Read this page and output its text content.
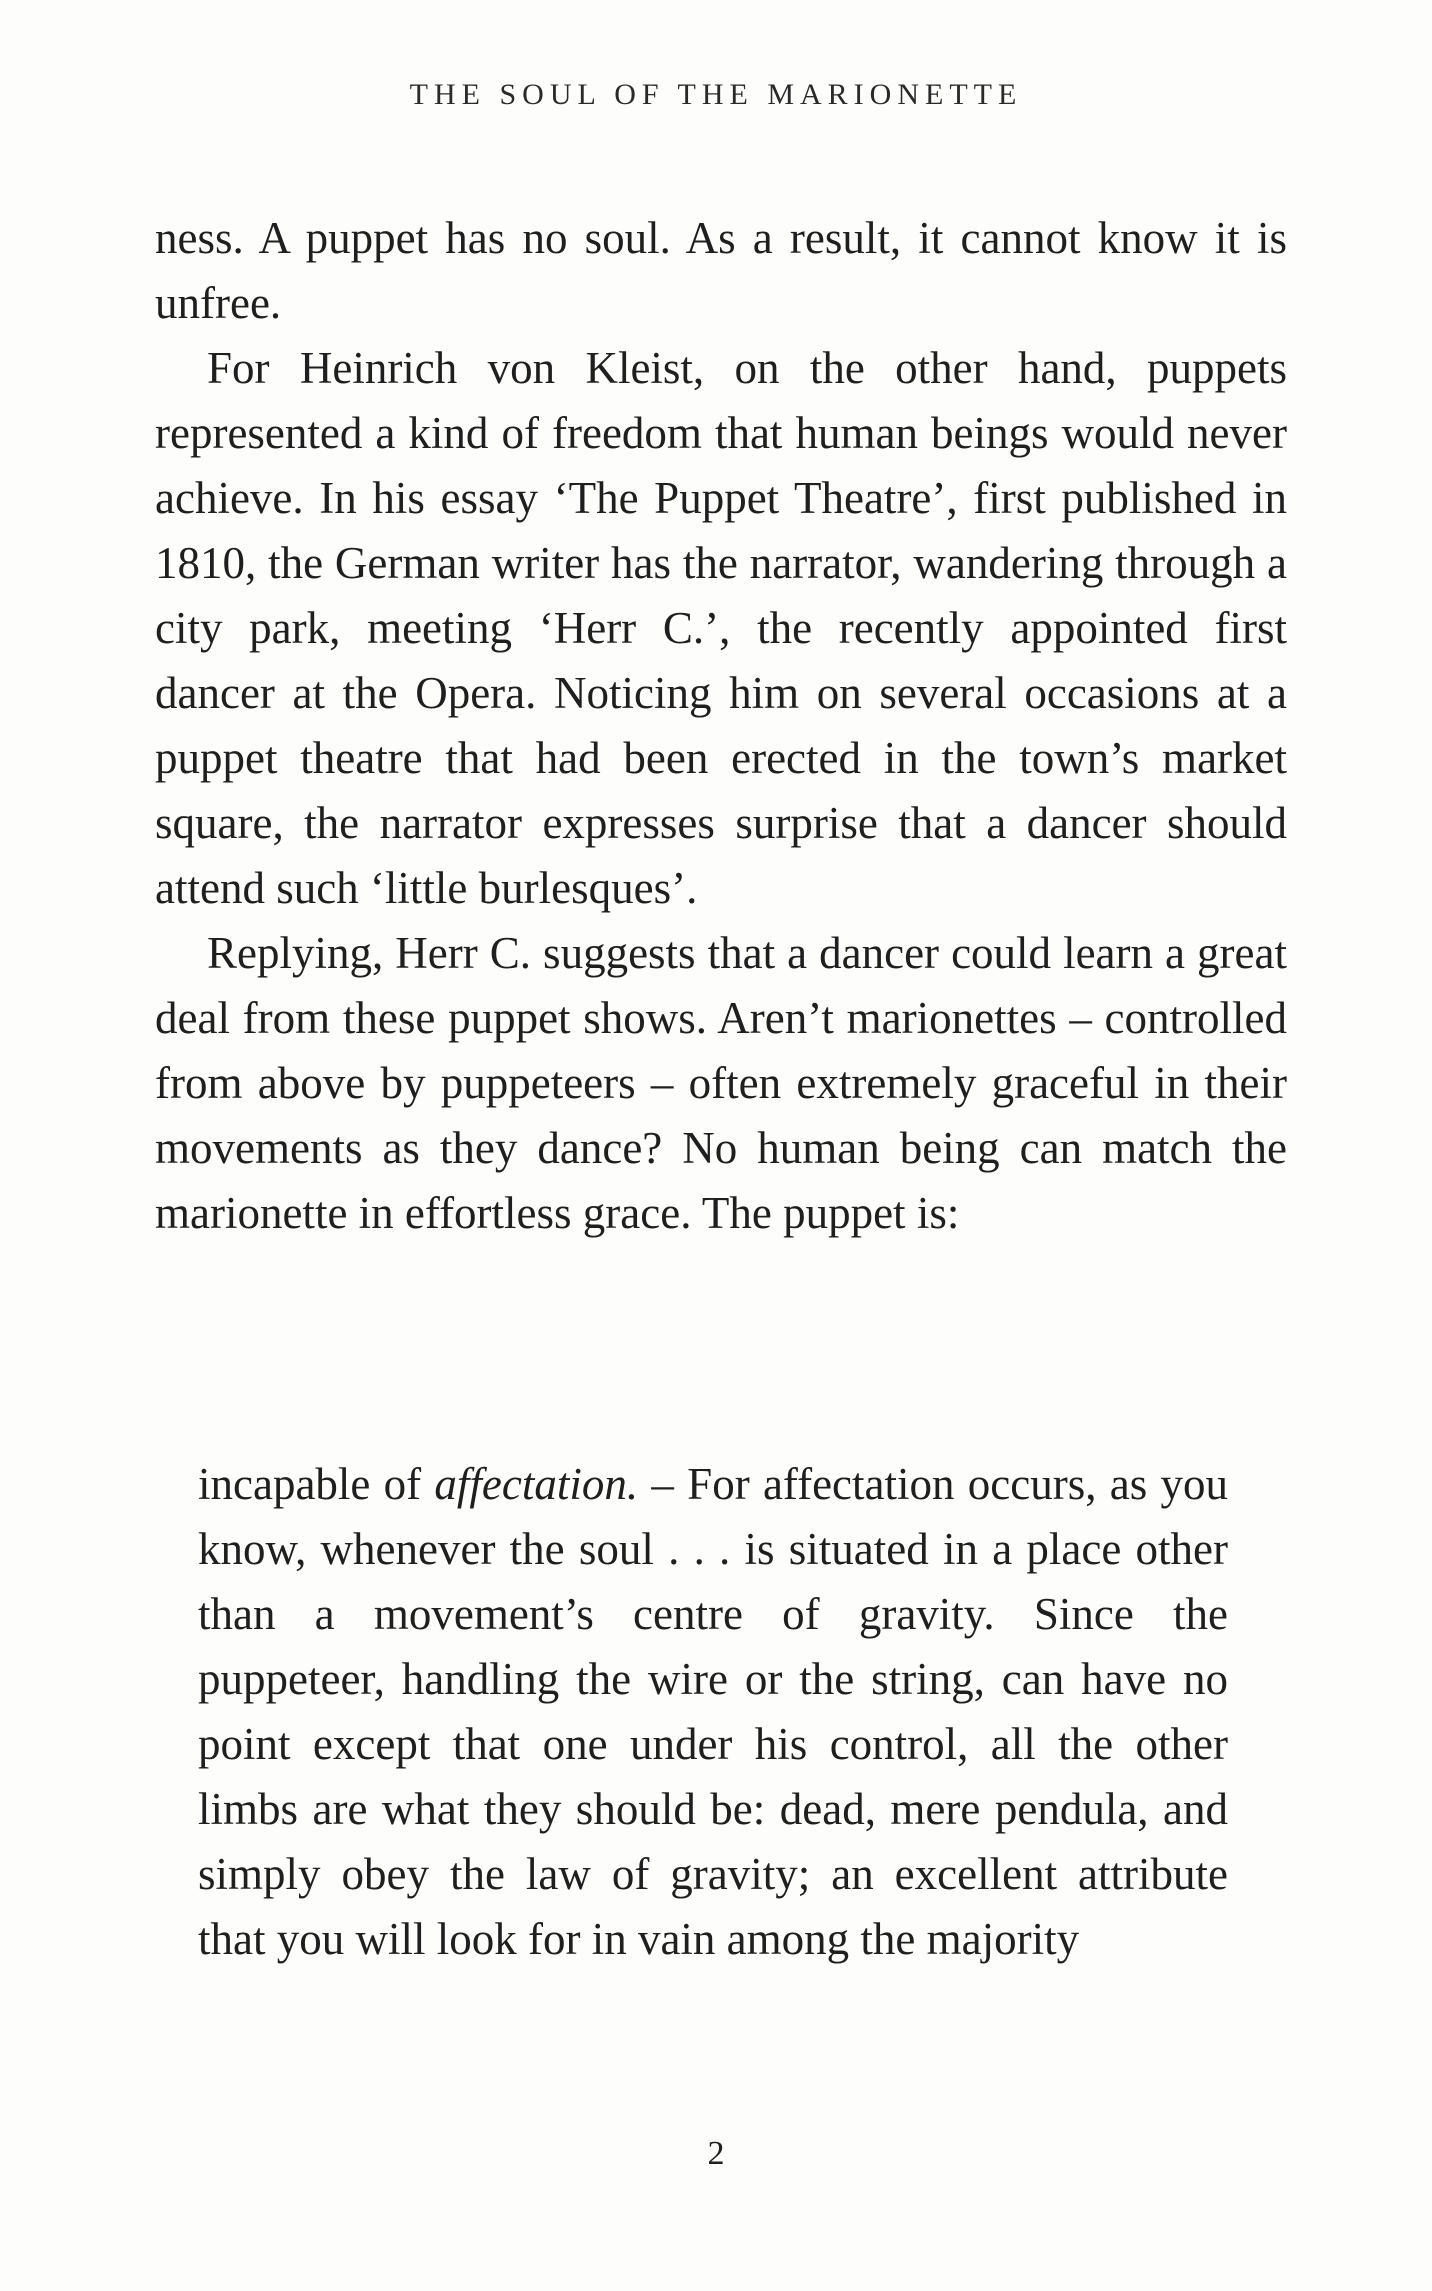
THE SOUL OF THE MARIONETTE

ness. A puppet has no soul. As a result, it cannot know it is unfree.

For Heinrich von Kleist, on the other hand, puppets represented a kind of freedom that human beings would never achieve. In his essay ‘The Puppet Theatre’, first published in 1810, the German writer has the narrator, wandering through a city park, meeting ‘Herr C.’, the recently appointed first dancer at the Opera. Noticing him on several occasions at a puppet theatre that had been erected in the town’s market square, the narrator expresses surprise that a dancer should attend such ‘little burlesques’.

Replying, Herr C. suggests that a dancer could learn a great deal from these puppet shows. Aren’t marionettes – controlled from above by puppeteers – often extremely graceful in their movements as they dance? No human being can match the marionette in effortless grace. The puppet is:

incapable of affectation. – For affectation occurs, as you know, whenever the soul . . . is situated in a place other than a movement’s centre of gravity. Since the puppeteer, handling the wire or the string, can have no point except that one under his control, all the other limbs are what they should be: dead, mere pendula, and simply obey the law of gravity; an excellent attribute that you will look for in vain among the majority

2
